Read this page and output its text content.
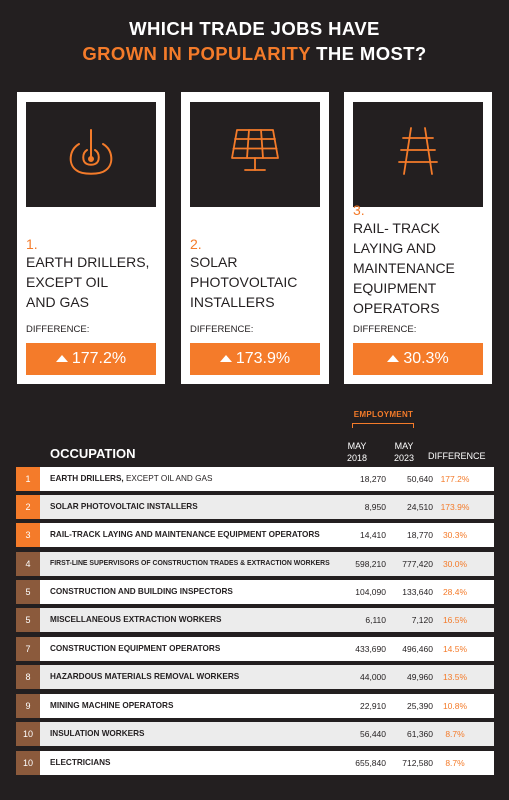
WHICH TRADE JOBS HAVE
GROWN IN POPULARITY THE MOST?
1.
EARTH DRILLERS,
EXCEPT OIL
AND GAS
DIFFERENCE:
177.2%
2.
SOLAR
PHOTOVOLTAIC
INSTALLERS
DIFFERENCE:
173.9%
3.
RAIL- TRACK
LAYING AND
MAINTENANCE
EQUIPMENT
OPERATORS
DIFFERENCE:
30.3%
EMPLOYMENT
OCCUPATION	MAY
2018
MAY
2023	DIFFERENCE
1	EARTH DRILLERS, EXCEPT OIL AND GAS	18,270	50,640 177.2%
2	SOLAR PHOTOVOLTAIC INSTALLERS	8,950	24,510 173.9%
3	RAIL-TRACK LAYING AND MAINTENANCE EQUIPMENT OPERATORS	14,410	18,770	30.3%
4	FIRST-LINE SUPERVISORS OF CONSTRUCTION TRADES & EXTRACTION WORKERS	598,210	777,420	30.0%
5	CONSTRUCTION AND BUILDING INSPECTORS	104,090	133,640	28.4%
5	MISCELLANEOUS EXTRACTION WORKERS	6,110	7,120	16.5%
7	CONSTRUCTION EQUIPMENT OPERATORS	433,690	496,460	14.5%
8	HAZARDOUS MATERIALS REMOVAL WORKERS	44,000	49,960	13.5%
9	MINING MACHINE OPERATORS	22,910	25,390	10.8%
10	INSULATION WORKERS	56,440	61,360	8.7%
10	ELECTRICIANS	655,840	712,580	8.7%
